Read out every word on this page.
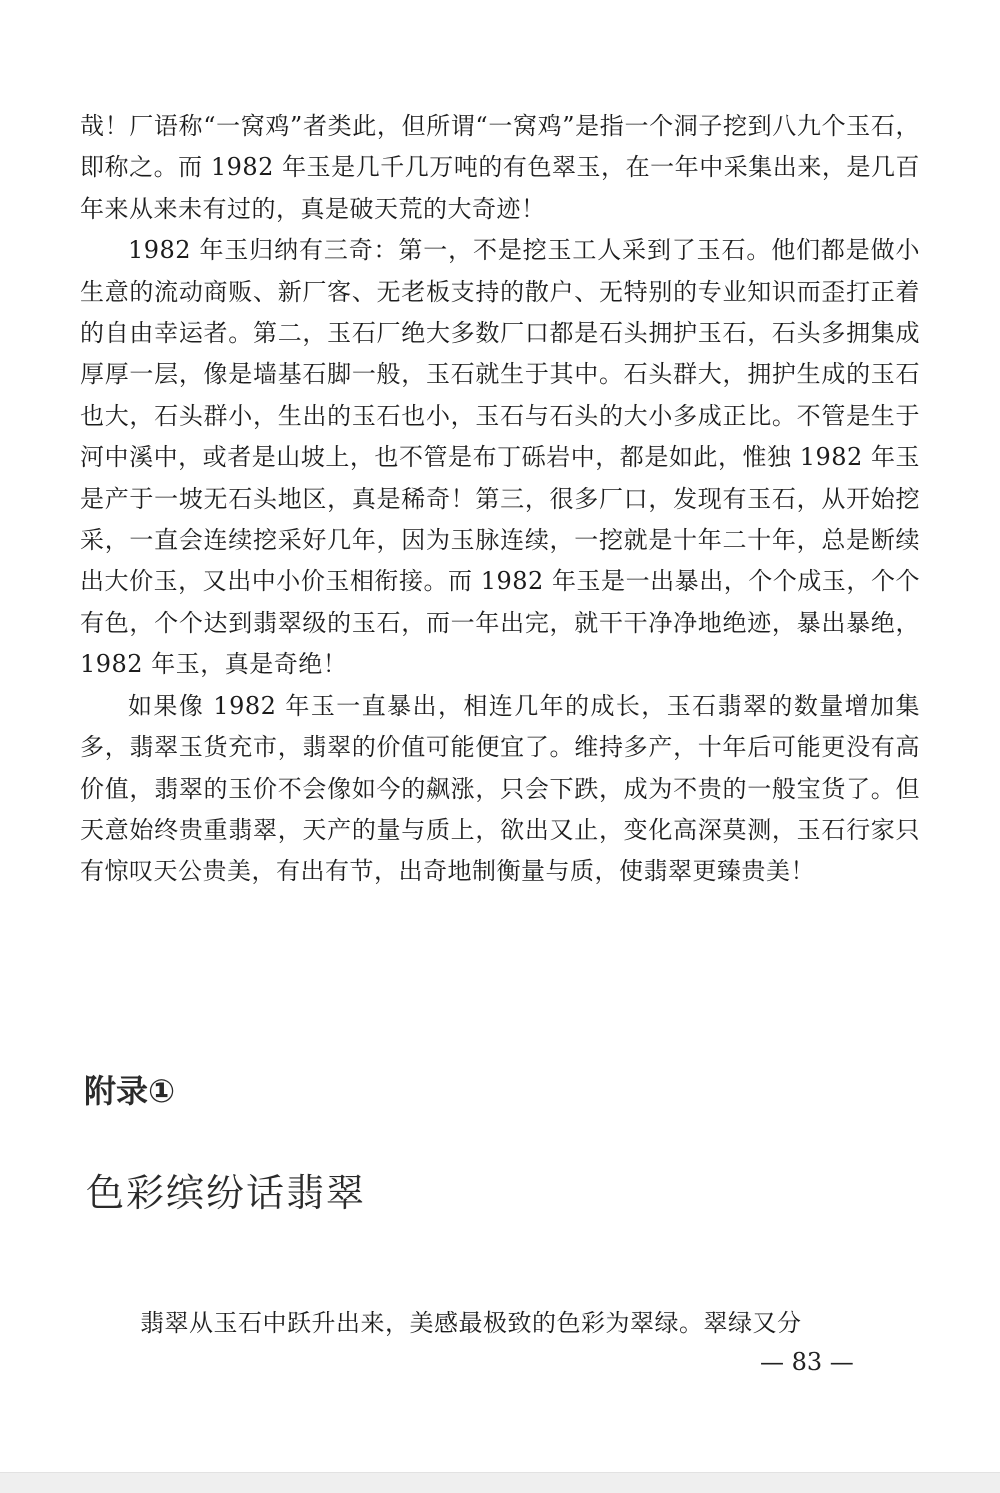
哉！厂语称“一窝鸡”者类此，但所谓“一窝鸡”是指一个洞子挖到八九个玉石，即称之。而 1982 年玉是几千几万吨的有色翠玉，在一年中采集出来，是几百年来从来未有过的，真是破天荒的大奇迹！

1982 年玉归纳有三奇：第一，不是挖玉工人采到了玉石。他们都是做小生意的流动商贩、新厂客、无老板支持的散户、无特别的专业知识而歪打正着的自由幸运者。第二，玉石厂绝大多数厂口都是石头拥护玉石，石头多拥集成厚厚一层，像是墙基石脚一般，玉石就生于其中。石头群大，拥护生成的玉石也大，石头群小，生出的玉石也小，玉石与石头的大小多成正比。不管是生于河中溪中，或者是山坡上，也不管是布丁砾岩中，都是如此，惟独 1982 年玉是产于一坡无石头地区，真是稀奇！第三，很多厂口，发现有玉石，从开始挖采，一直会连续挖采好几年，因为玉脉连续，一挖就是十年二十年，总是断续出大价玉，又出中小价玉相衔接。而 1982 年玉是一出暴出，个个成玉，个个有色，个个达到翡翠级的玉石，而一年出完，就干干净净地绝迹，暴出暴绝，1982 年玉，真是奇绝！

如果像 1982 年玉一直暴出，相连几年的成长，玉石翡翠的数量增加集多，翡翠玉货充市，翡翠的价值可能便宜了。维持多产，十年后可能更没有高价值，翡翠的玉价不会像如今的飙涨，只会下跌，成为不贵的一般宝货了。但天意始终贵重翡翠，天产的量与质上，欲出又止，变化高深莫测，玉石行家只有惊叹天公贵美，有出有节，出奇地制衡量与质，使翡翠更臻贵美！

附录①
色彩缤纷话翡翠

翡翠从玉石中跃升出来，美感最极致的色彩为翠绿。翠绿又分

— 83 —
